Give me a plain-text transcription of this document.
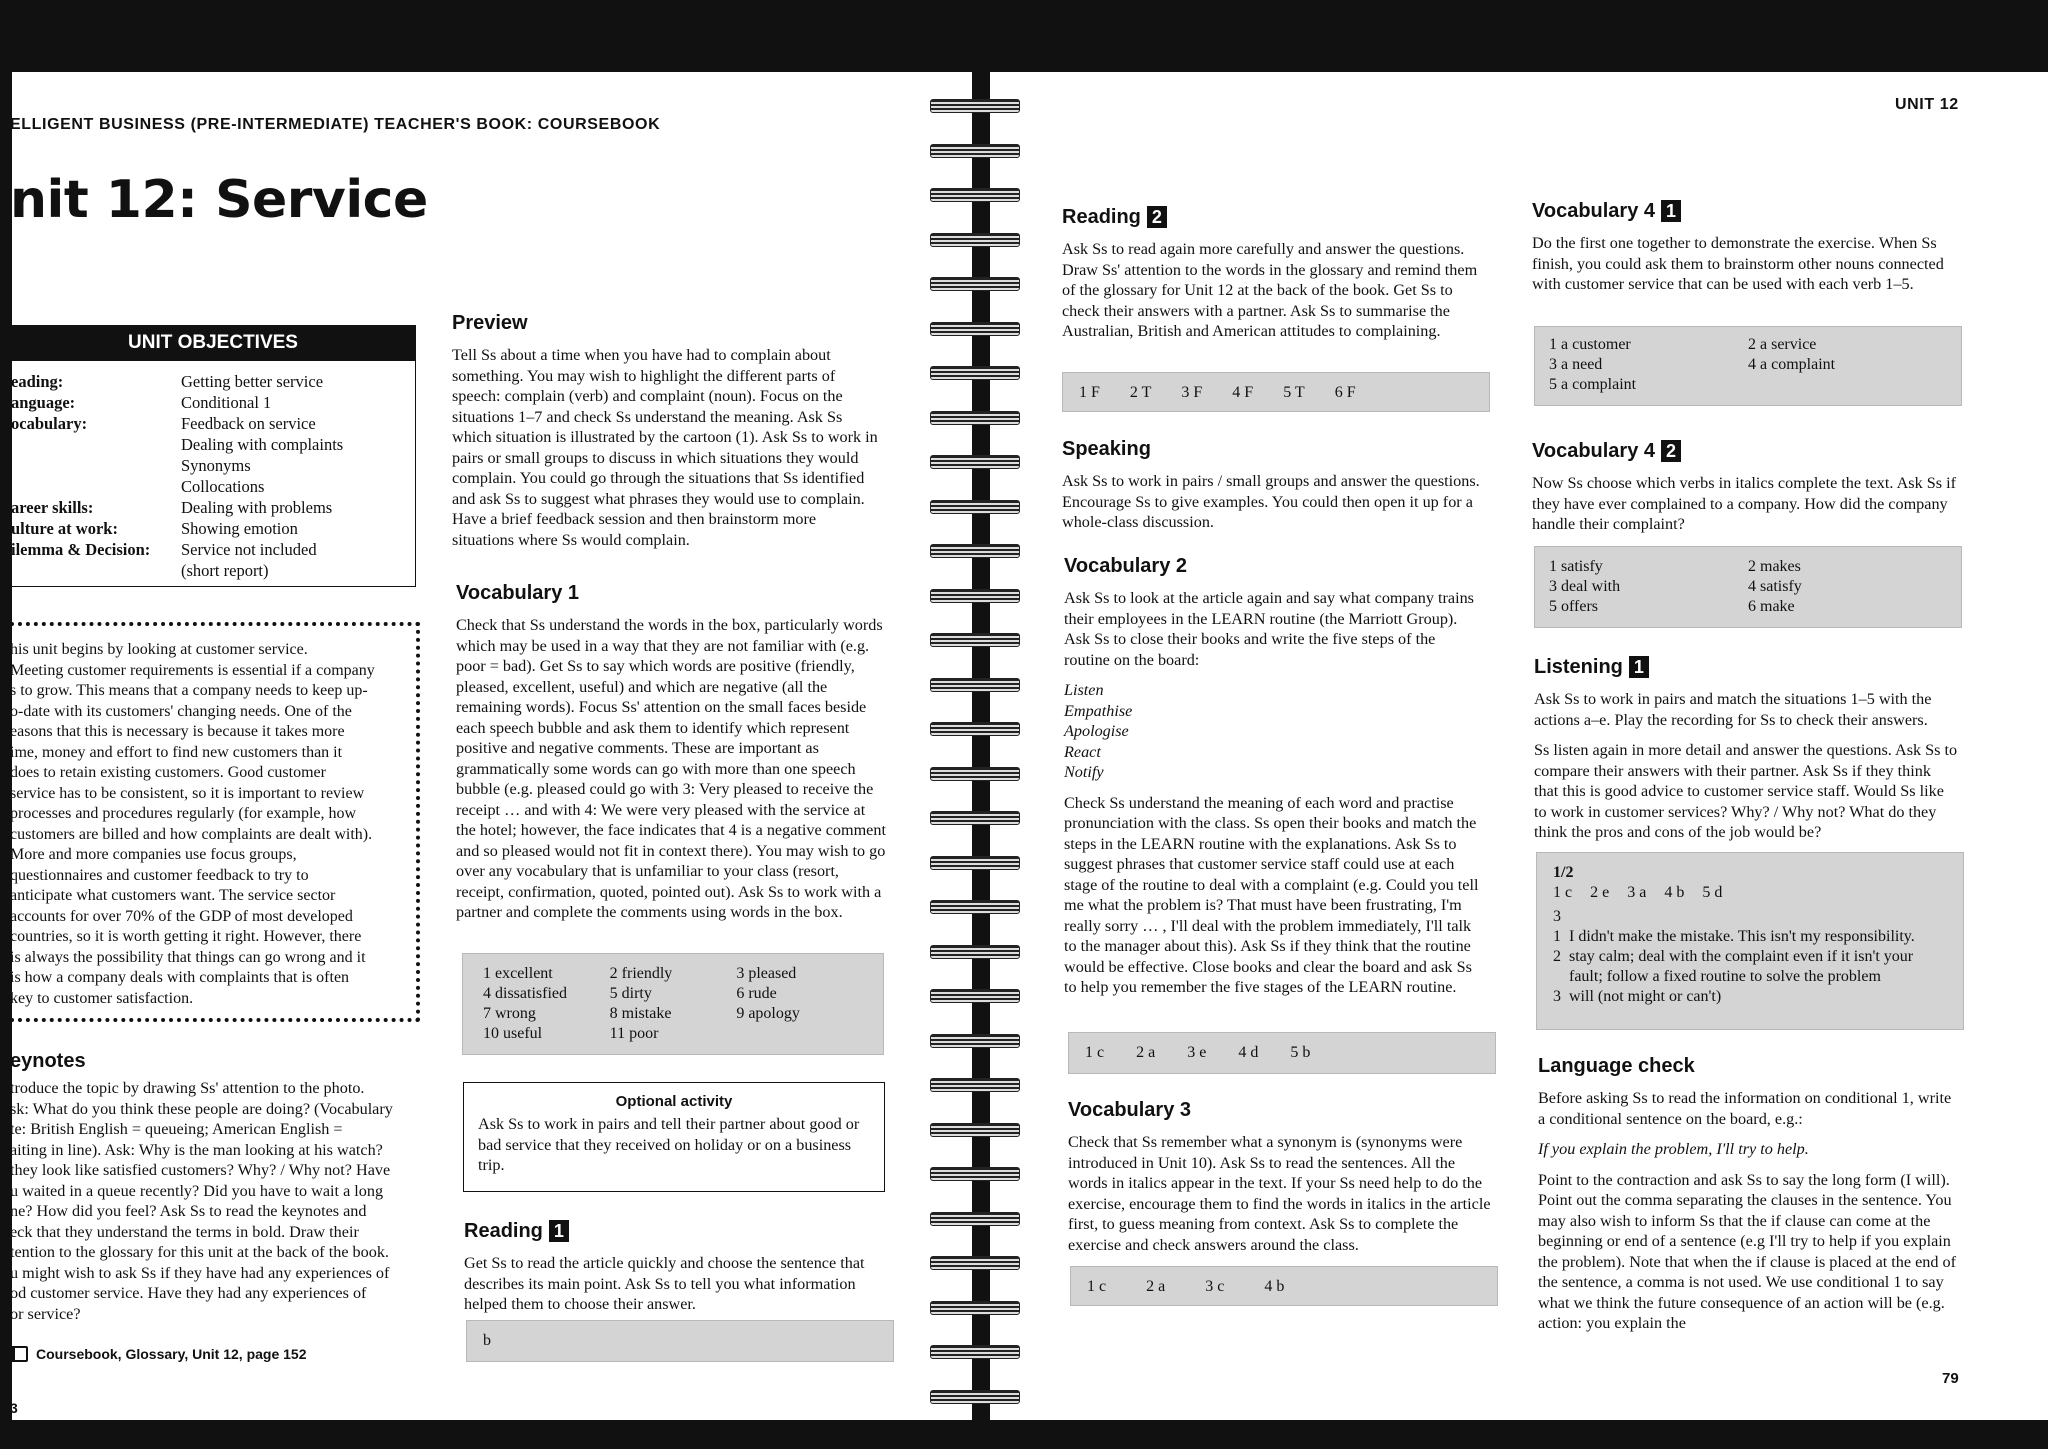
ELLIGENT BUSINESS (PRE-INTERMEDIATE) TEACHER'S BOOK: COURSEBOOK
nit 12: Service
UNIT OBJECTIVES
eading:	Getting better service
anguage:	Conditional 1
ocabulary:	Feedback on service
Dealing with complaints
Synonyms
Collocations
areer skills:	Dealing with problems
ulture at work:	Showing emotion
ilemma & Decision:	Service not included
(short report)
his unit begins by looking at customer service.
Meeting customer requirements is essential if a company
s to grow. This means that a company needs to keep up-
o-date with its customers' changing needs. One of the
easons that this is necessary is because it takes more
ime, money and effort to find new customers than it
does to retain existing customers. Good customer
service has to be consistent, so it is important to review
processes and procedures regularly (for example, how
customers are billed and how complaints are dealt with).
More and more companies use focus groups,
questionnaires and customer feedback to try to
anticipate what customers want. The service sector
accounts for over 70% of the GDP of most developed
countries, so it is worth getting it right. However, there
is always the possibility that things can go wrong and it
is how a company deals with complaints that is often
key to customer satisfaction.
eynotes
troduce the topic by drawing Ss' attention to the photo.
sk: What do you think these people are doing? (Vocabulary
te: British English = queueing; American English =
aiting in line). Ask: Why is the man looking at his watch?
they look like satisfied customers? Why? / Why not? Have
u waited in a queue recently? Did you have to wait a long
ne? How did you feel? Ask Ss to read the keynotes and
eck that they understand the terms in bold. Draw their
tention to the glossary for this unit at the back of the book.
u might wish to ask Ss if they have had any experiences of
od customer service. Have they had any experiences of
or service?
Coursebook, Glossary, Unit 12, page 152
3
Preview

Tell Ss about a time when you have had to complain about something. You may wish to highlight the different parts of speech: complain (verb) and complaint (noun). Focus on the situations 1–7 and check Ss understand the meaning. Ask Ss which situation is illustrated by the cartoon (1). Ask Ss to work in pairs or small groups to discuss in which situations they would complain. You could go through the situations that Ss identified and ask Ss to suggest what phrases they would use to complain. Have a brief feedback session and then brainstorm more situations where Ss would complain.

Vocabulary 1

Check that Ss understand the words in the box, particularly words which may be used in a way that they are not familiar with (e.g. poor = bad). Get Ss to say which words are positive (friendly, pleased, excellent, useful) and which are negative (all the remaining words). Focus Ss' attention on the small faces beside each speech bubble and ask them to identify which represent positive and negative comments. These are important as grammatically some words can go with more than one speech bubble (e.g. pleased could go with 3: Very pleased to receive the receipt … and with 4: We were very pleased with the service at the hotel; however, the face indicates that 4 is a negative comment and so pleased would not fit in context there). You may wish to go over any vocabulary that is unfamiliar to your class (resort, receipt, confirmation, quoted, pointed out). Ask Ss to work with a partner and complete the comments using words in the box.

1 excellent	2 friendly	3 pleased
4 dissatisfied	5 dirty	6 rude
7 wrong	8 mistake	9 apology
10 useful	11 poor
Optional activity
Ask Ss to work in pairs and tell their partner about good or bad service that they received on holiday or on a business trip.
Reading 1

Get Ss to read the article quickly and choose the sentence that describes its main point. Ask Ss to tell you what information helped them to choose their answer.

b
UNIT 12
Reading 2

Ask Ss to read again more carefully and answer the questions. Draw Ss' attention to the words in the glossary and remind them of the glossary for Unit 12 at the back of the book. Get Ss to check their answers with a partner. Ask Ss to summarise the Australian, British and American attitudes to complaining.

1 F 2 T 3 F 4 F 5 T 6 F
Speaking

Ask Ss to work in pairs / small groups and answer the questions. Encourage Ss to give examples. You could then open it up for a whole-class discussion.

Vocabulary 2

Ask Ss to look at the article again and say what company trains their employees in the LEARN routine (the Marriott Group). Ask Ss to close their books and write the five steps of the routine on the board:

Listen
Empathise
Apologise
React
Notify

Check Ss understand the meaning of each word and practise pronunciation with the class. Ss open their books and match the steps in the LEARN routine with the explanations. Ask Ss to suggest phrases that customer service staff could use at each stage of the routine to deal with a complaint (e.g. Could you tell me what the problem is? That must have been frustrating, I'm really sorry … , I'll deal with the problem immediately, I'll talk to the manager about this). Ask Ss if they think that the routine would be effective. Close books and clear the board and ask Ss to help you remember the five stages of the LEARN routine.

1 c 2 a 3 e 4 d 5 b
Vocabulary 3

Check that Ss remember what a synonym is (synonyms were introduced in Unit 10). Ask Ss to read the sentences. All the words in italics appear in the text. If your Ss need help to do the exercise, encourage them to find the words in italics in the article first, to guess meaning from context. Ask Ss to complete the exercise and check answers around the class.

1 c	2 a	3 c	4 b
Vocabulary 4 1

Do the first one together to demonstrate the exercise. When Ss finish, you could ask them to brainstorm other nouns connected with customer service that can be used with each verb 1–5.

1 a customer	2 a service
3 a need	4 a complaint
5 a complaint
Vocabulary 4 2

Now Ss choose which verbs in italics complete the text. Ask Ss if they have ever complained to a company. How did the company handle their complaint?

1 satisfy	2 makes
3 deal with	4 satisfy
5 offers	6 make
Listening 1

Ask Ss to work in pairs and match the situations 1–5 with the actions a–e. Play the recording for Ss to check their answers.

Ss listen again in more detail and answer the questions. Ask Ss to compare their answers with their partner. Ask Ss if they think that this is good advice to customer service staff. Would Ss like to work in customer services? Why? / Why not? What do they think the pros and cons of the job would be?

1/2
1 c 2 e 3 a 4 b 5 d
3
1  I didn't make the mistake. This isn't my responsibility.
2  stay calm; deal with the complaint even if it isn't your
fault; follow a fixed routine to solve the problem
3  will (not might or can't)
Language check

Before asking Ss to read the information on conditional 1, write a conditional sentence on the board, e.g.:

If you explain the problem, I'll try to help.

Point to the contraction and ask Ss to say the long form (I will). Point out the comma separating the clauses in the sentence. You may also wish to inform Ss that the if clause can come at the beginning or end of a sentence (e.g I'll try to help if you explain the problem). Note that when the if clause is placed at the end of the sentence, a comma is not used. We use conditional 1 to say what we think the future consequence of an action will be (e.g. action: you explain the

79
